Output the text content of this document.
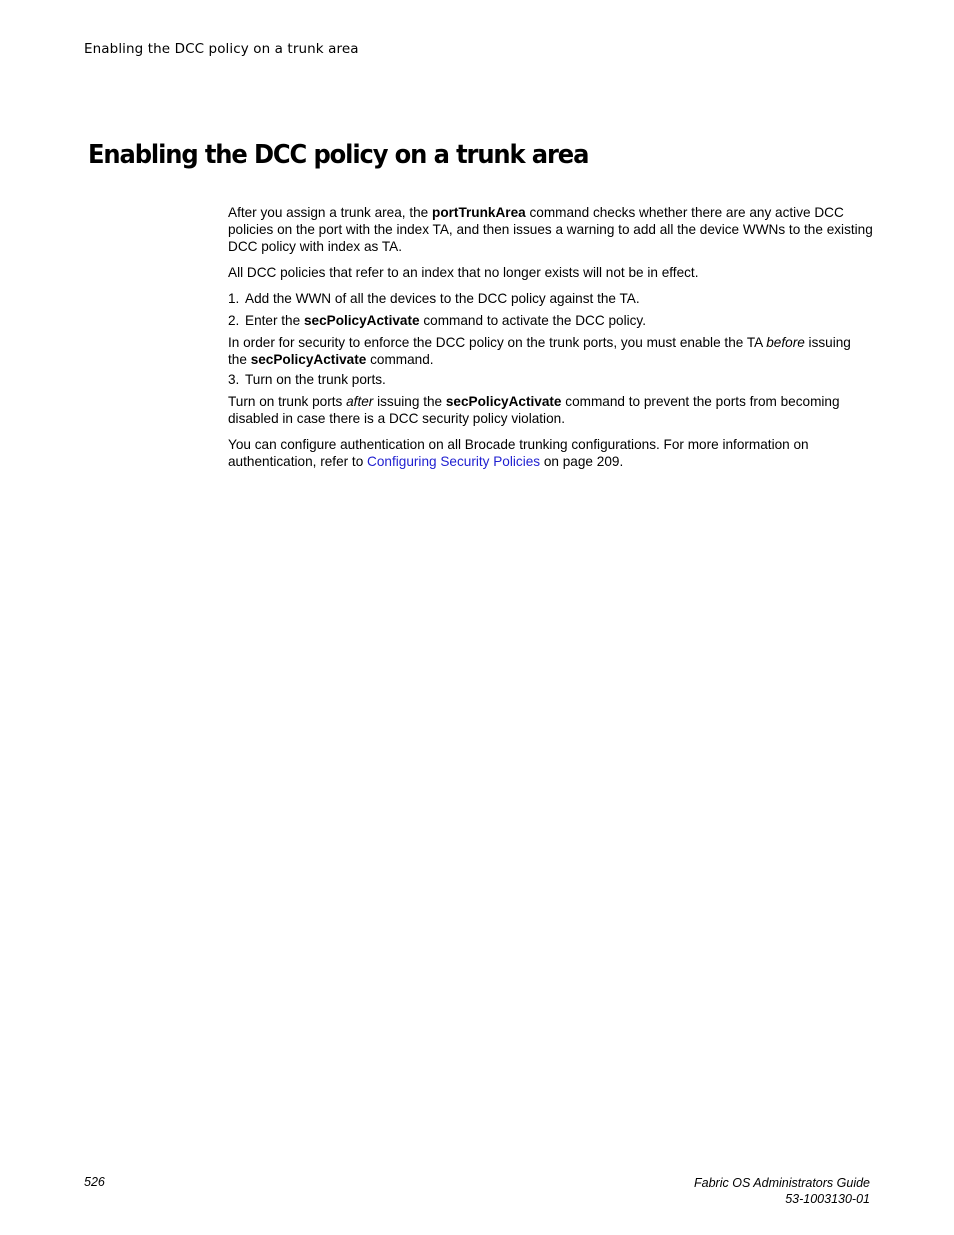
Enabling the DCC policy on a trunk area
Enabling the DCC policy on a trunk area

After you assign a trunk area, the portTrunkArea command checks whether there are any active DCC policies on the port with the index TA, and then issues a warning to add all the device WWNs to the existing DCC policy with index as TA.

All DCC policies that refer to an index that no longer exists will not be in effect.

1. Add the WWN of all the devices to the DCC policy against the TA.
2. Enter the secPolicyActivate command to activate the DCC policy.

In order for security to enforce the DCC policy on the trunk ports, you must enable the TA before issuing the secPolicyActivate command.

3. Turn on the trunk ports.

Turn on trunk ports after issuing the secPolicyActivate command to prevent the ports from becoming disabled in case there is a DCC security policy violation.

You can configure authentication on all Brocade trunking configurations. For more information on authentication, refer to Configuring Security Policies on page 209.

526	Fabric OS Administrators Guide
53-1003130-01
